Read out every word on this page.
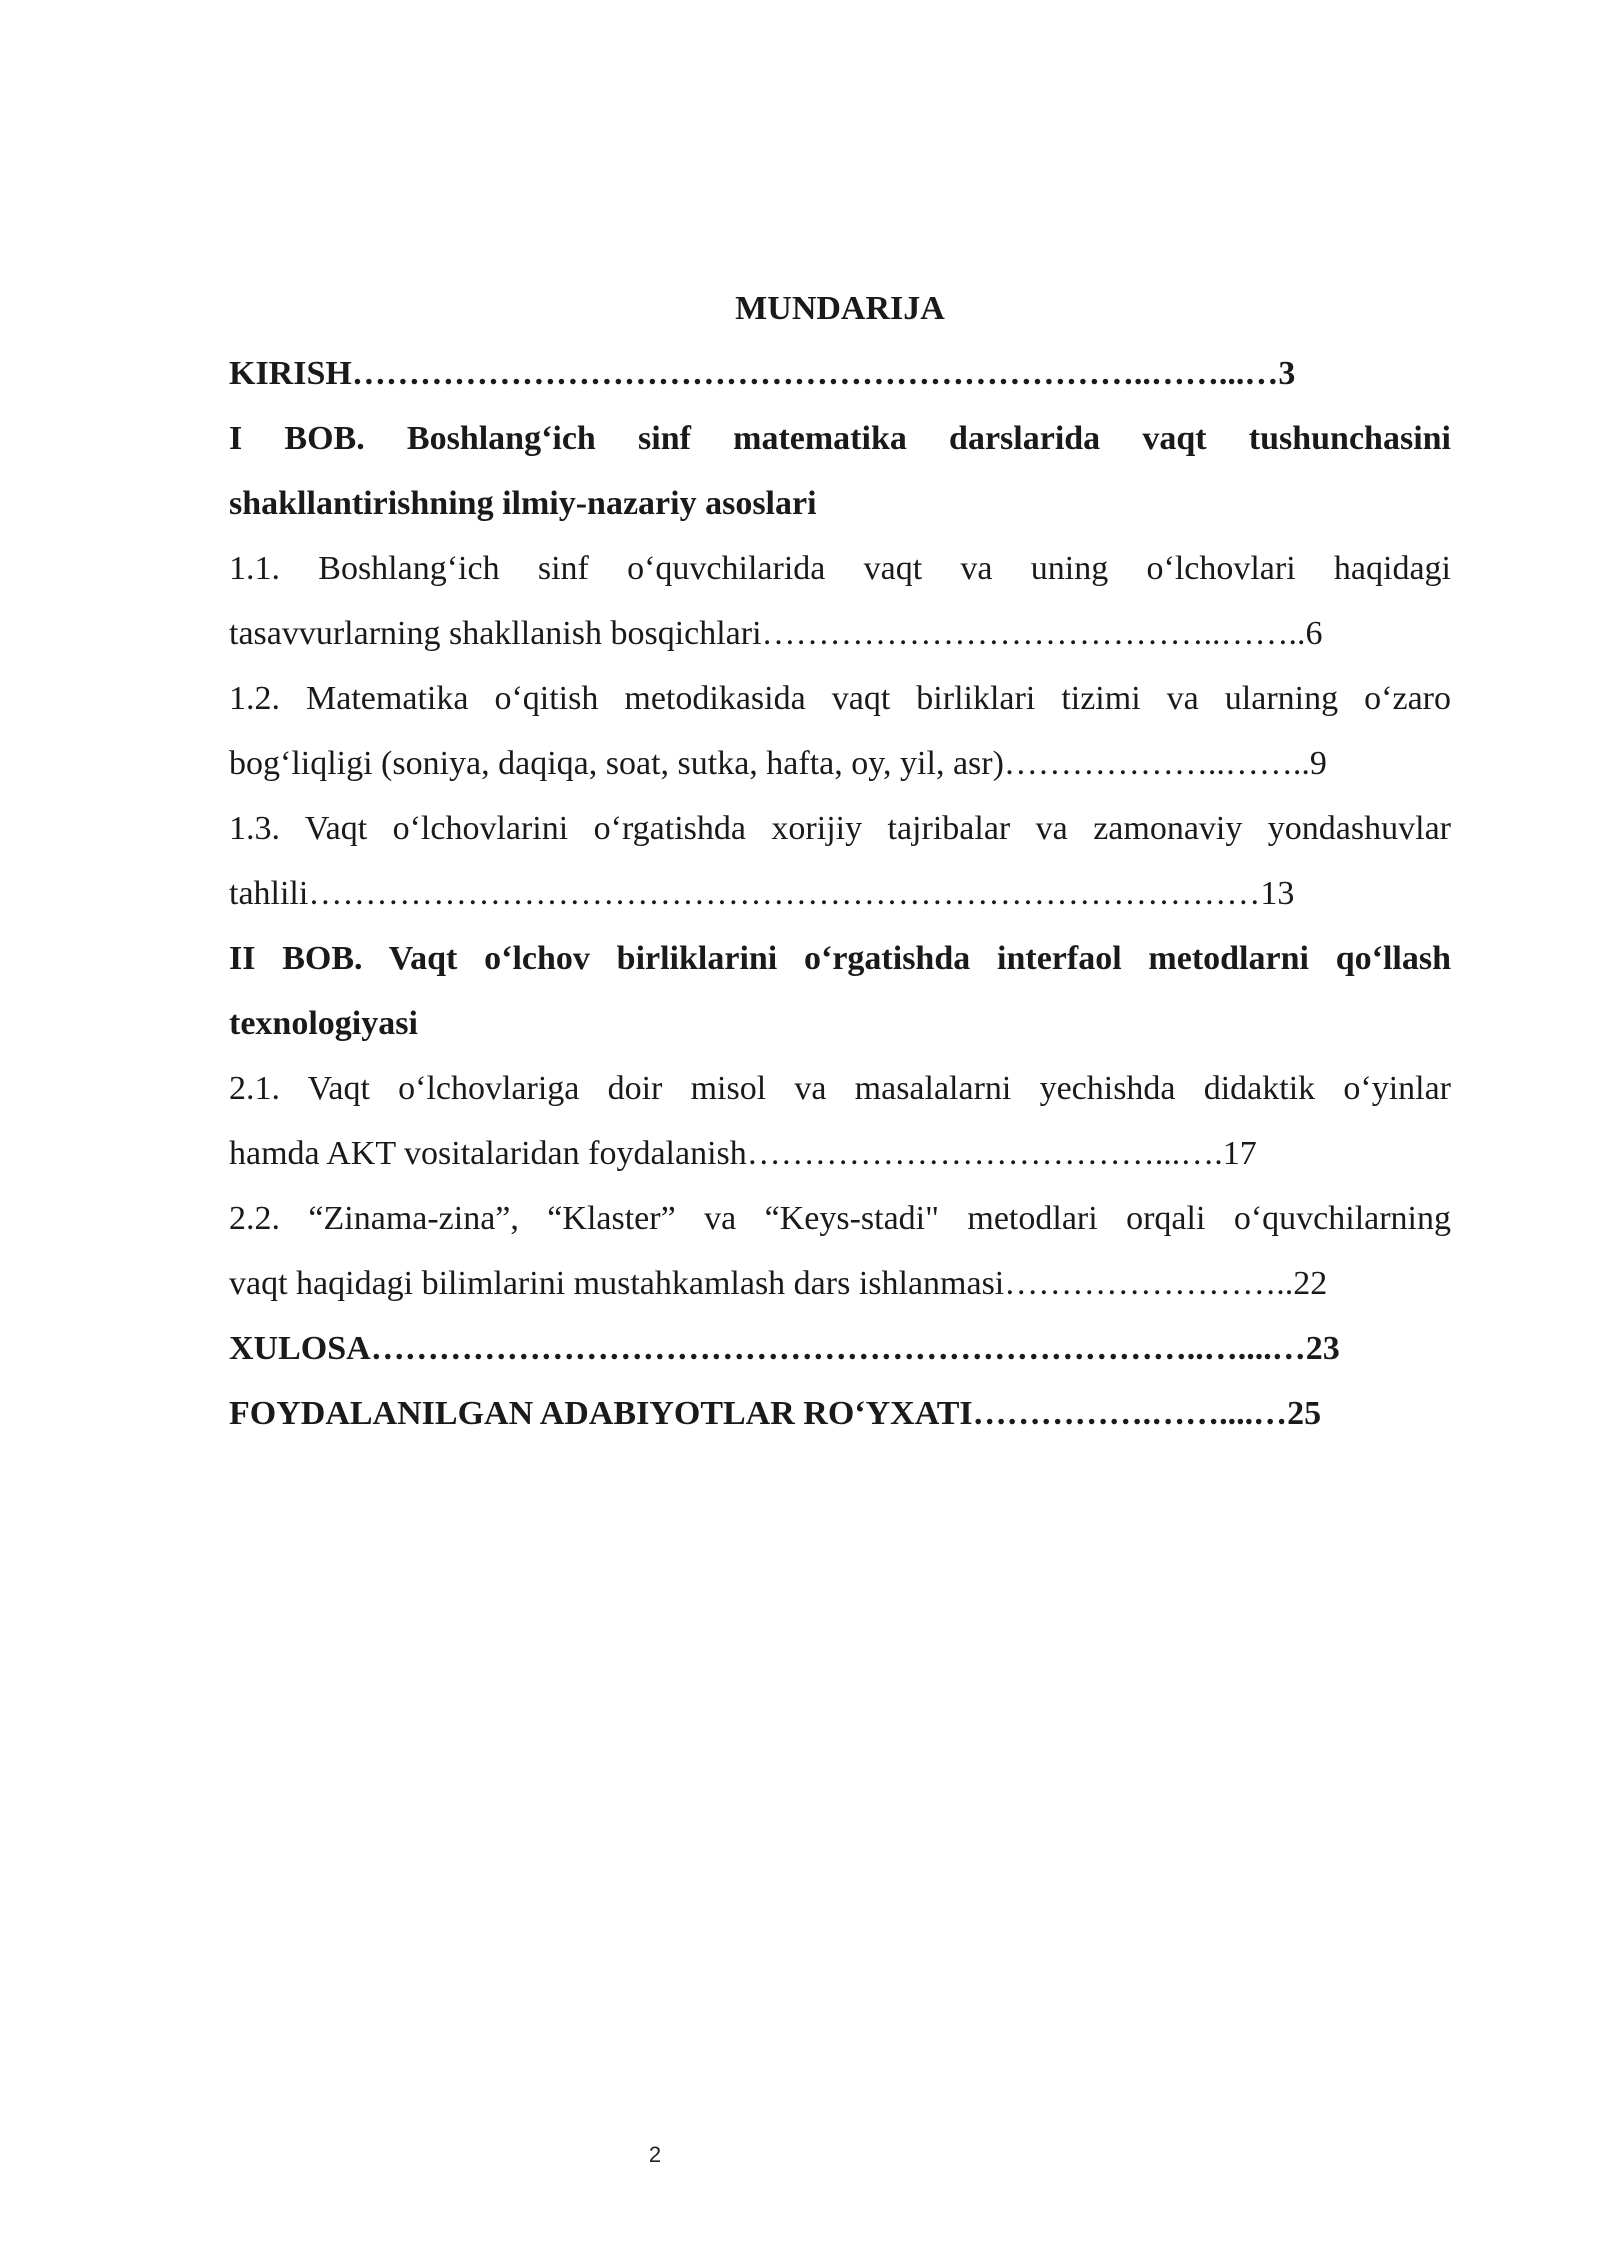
MUNDARIJA

KIRISH……………………………………………………………..……...…3

I BOB. Boshlang‘ich sinf matematika darslarida vaqt tushunchasini

shakllantirishning ilmiy-nazariy asoslari

1.1. Boshlang‘ich sinf o‘quvchilarida vaqt va uning o‘lchovlari haqidagi

tasavvurlarning shakllanish bosqichlari…………………………………..……..6

1.2. Matematika o‘qitish metodikasida vaqt birliklari tizimi va ularning o‘zaro

bog‘liqligi (soniya, daqiqa, soat, sutka, hafta, oy, yil, asr)………………..……..9

1.3. Vaqt o‘lchovlarini o‘rgatishda xorijiy tajribalar va zamonaviy yondashuvlar

tahlili…………………………………………………………………………13

II BOB. Vaqt o‘lchov birliklarini o‘rgatishda interfaol metodlarni qo‘llash

texnologiyasi

2.1. Vaqt o‘lchovlariga doir misol va masalalarni yechishda didaktik o‘yinlar

hamda AKT vositalaridan foydalanish………………………………...….17

2.2. “Zinama-zina”, “Klaster” va “Keys-stadi" metodlari orqali o‘quvchilarning

vaqt haqidagi bilimlarini mustahkamlash dars ishlanmasi……………………..22

XULOSA………………………………………………………………..…....…23

FOYDALANILGAN ADABIYOTLAR RO‘YXATI…………….……....…25

2
